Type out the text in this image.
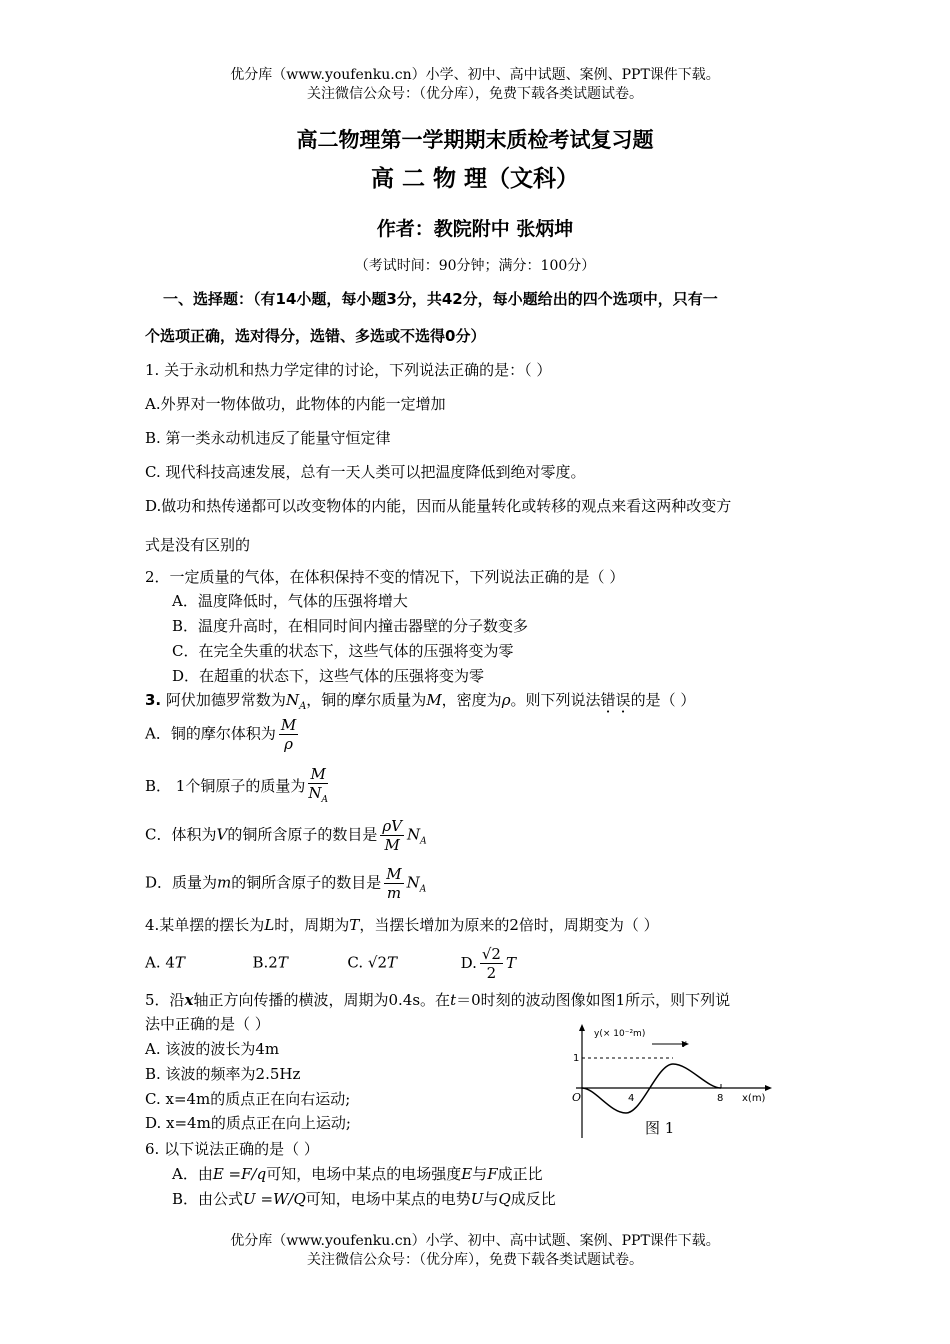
优分库（www.youfenku.cn）小学、初中、高中试题、案例、PPT课件下载。
关注微信公众号：（优分库），免费下载各类试题试卷。
高二物理第一学期期末质检考试复习题
高 二 物 理（文科）
作者：教院附中 张炳坤
（考试时间：90分钟；满分：100分）
一、选择题：（有14小题，每小题3分，共42分，每小题给出的四个选项中，只有一
个选项正确，选对得分，选错、多选或不选得0分）
1. 关于永动机和热力学定律的讨论，下列说法正确的是：（ ）
A.外界对一物体做功，此物体的内能一定增加
B. 第一类永动机违反了能量守恒定律
C. 现代科技高速发展，总有一天人类可以把温度降低到绝对零度。
D.做功和热传递都可以改变物体的内能，因而从能量转化或转移的观点来看这两种改变方
式是没有区别的
2．一定质量的气体，在体积保持不变的情况下，下列说法正确的是（ ）
A．温度降低时，气体的压强将增大
B．温度升高时，在相同时间内撞击器壁的分子数变多
C．在完全失重的状态下，这些气体的压强将变为零
D．在超重的状态下，这些气体的压强将变为零
3. 阿伏加德罗常数为$N_A$，铜的摩尔质量为M，密度为ρ。则下列说法错误的是（ ）
A．铜的摩尔体积为 $\frac{M}{\rho}$
B． 1个铜原子的质量为 $\frac{M}{N_A}$
C．体积为V的铜所含原子的数目是 $\frac{\rho V}{M} N_A$
D．质量为m的铜所含原子的数目是 $\frac{M}{m} N_A$
4.某单摆的摆长为L时，周期为T，当摆长增加为原来的2倍时，周期变为（ ）
A. 4T	B.2T	C. √2T	D. $\frac{√2}{2}$ T
5．沿x轴正方向传播的横波，周期为0.4s。在t＝0时刻的波动图像如图1所示，则下列说
法中正确的是（ ）
A. 该波的波长为4m
B. 该波的频率为2.5Hz
C. x=4m的质点正在向右运动;
D. x=4m的质点正在向上运动;
y(× 10⁻²m)
v
1
O	4	8 x(m)
图 1
6. 以下说法正确的是（ ）
A．由E =F/q可知，电场中某点的电场强度E与F成正比
B．由公式U =W/Q可知，电场中某点的电势U与Q成反比
优分库（www.youfenku.cn）小学、初中、高中试题、案例、PPT课件下载。
关注微信公众号：（优分库），免费下载各类试题试卷。
